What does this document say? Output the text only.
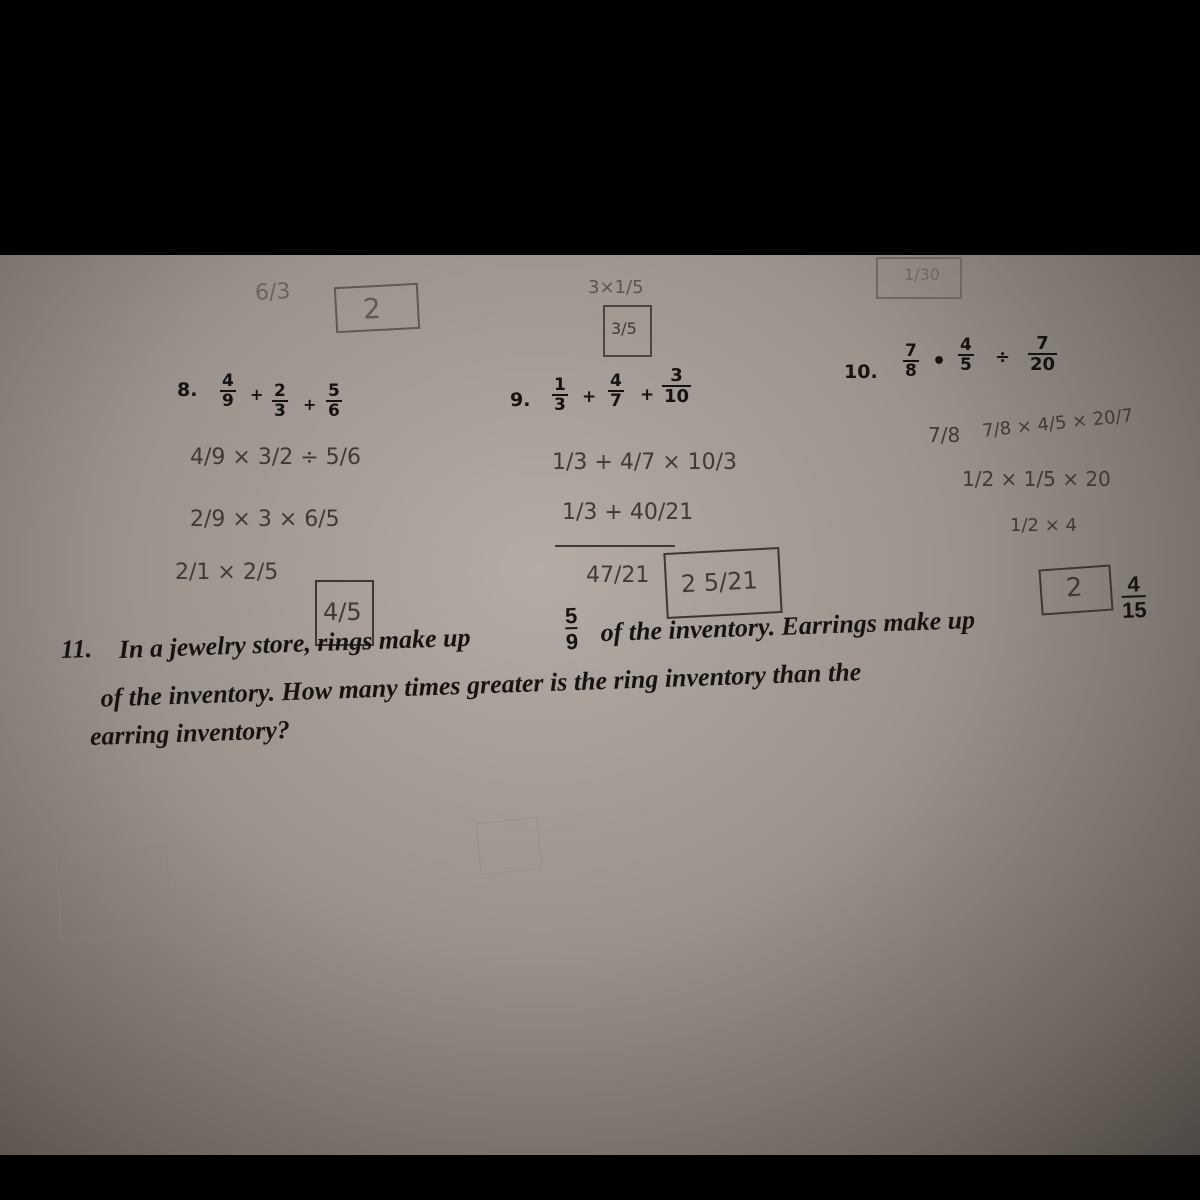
6/3	2
3×1/5
3/5
1/30
8. $\frac{4}{9} + \frac{2}{3} + \frac{5}{6}$
4/9 × 3/2 ÷ 5/6
2/9 × 3 × 6/5
2/1 × 2/5
4/5
9. $\frac{1}{3} + \frac{4}{7} + \frac{3}{10}$
1/3 + 4/7 × 10/3
1/3 + 40/21
47/21 2 5/21
10. $\frac{7}{8}$ • $\frac{4}{5} \div \frac{7}{20}$
7/8 7/8 × 4/5 × 20/7
1/2 × 1/5 × 20
1/2 × 4
2
11. In a jewelry store, rings make up	$\frac{5}{9}$ of the inventory. Earrings make up
$\frac{4}{15}$
of the inventory. How many times greater is the ring inventory than the
earring inventory?
